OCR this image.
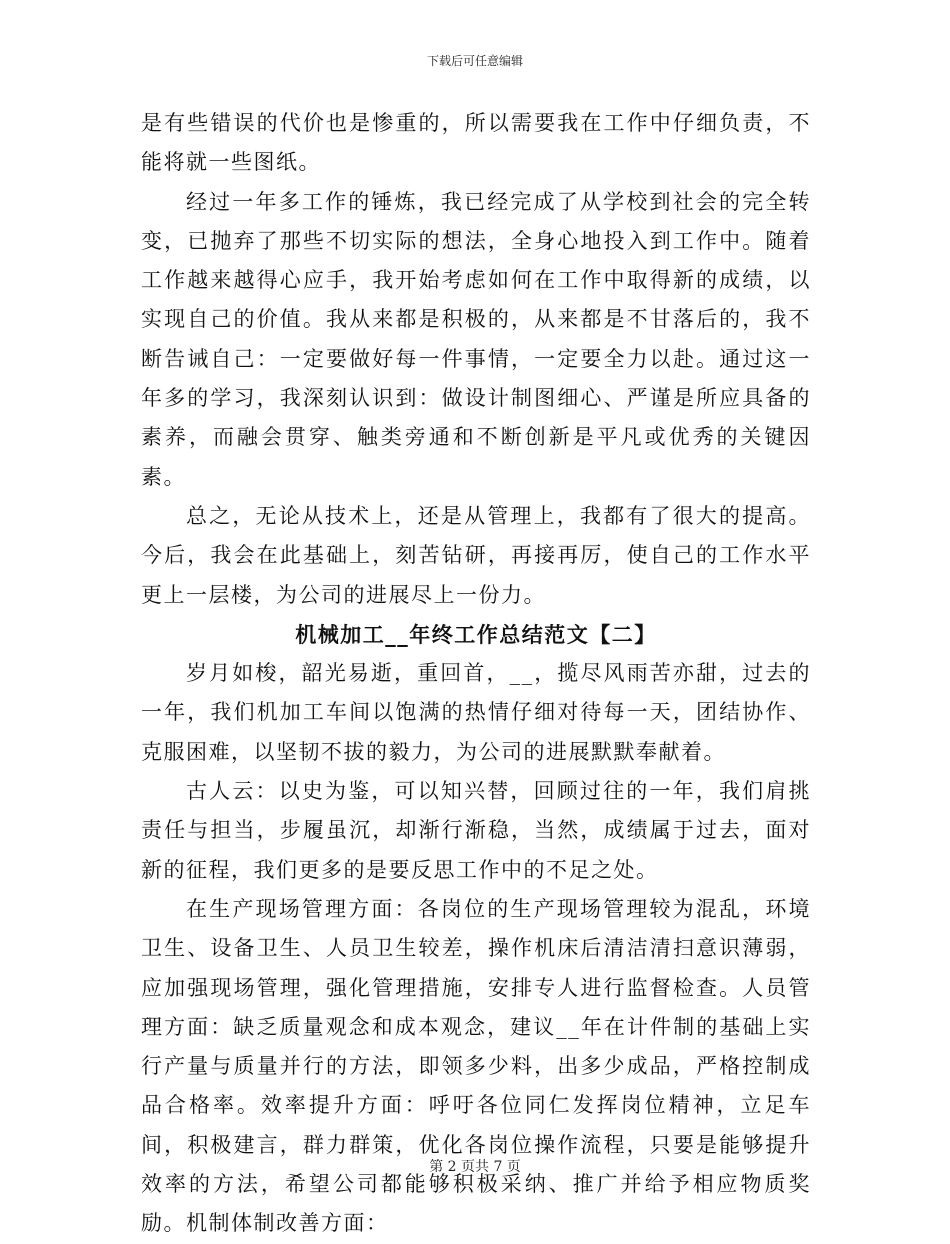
下载后可任意编辑

是有些错误的代价也是惨重的，所以需要我在工作中仔细负责，不能将就一些图纸。

经过一年多工作的锤炼，我已经完成了从学校到社会的完全转变，已抛弃了那些不切实际的想法，全身心地投入到工作中。随着工作越来越得心应手，我开始考虑如何在工作中取得新的成绩，以实现自己的价值。我从来都是积极的，从来都是不甘落后的，我不断告诫自己：一定要做好每一件事情，一定要全力以赴。通过这一年多的学习，我深刻认识到：做设计制图细心、严谨是所应具备的素养，而融会贯穿、触类旁通和不断创新是平凡或优秀的关键因素。

总之，无论从技术上，还是从管理上，我都有了很大的提高。今后，我会在此基础上，刻苦钻研，再接再厉，使自己的工作水平更上一层楼，为公司的进展尽上一份力。

机械加工__年终工作总结范文【二】

岁月如梭，韶光易逝，重回首，__，揽尽风雨苦亦甜，过去的一年，我们机加工车间以饱满的热情仔细对待每一天，团结协作、克服困难，以坚韧不拔的毅力，为公司的进展默默奉献着。

古人云：以史为鉴，可以知兴替，回顾过往的一年，我们肩挑责任与担当，步履虽沉，却渐行渐稳，当然，成绩属于过去，面对新的征程，我们更多的是要反思工作中的不足之处。

在生产现场管理方面：各岗位的生产现场管理较为混乱，环境卫生、设备卫生、人员卫生较差，操作机床后清洁清扫意识薄弱，应加强现场管理，强化管理措施，安排专人进行监督检查。人员管理方面：缺乏质量观念和成本观念，建议__年在计件制的基础上实行产量与质量并行的方法，即领多少料，出多少成品，严格控制成品合格率。效率提升方面：呼吁各位同仁发挥岗位精神，立足车间，积极建言，群力群策，优化各岗位操作流程，只要是能够提升效率的方法，希望公司都能够积极采纳、推广并给予相应物质奖励。机制体制改善方面：

第 2 页共 7 页
